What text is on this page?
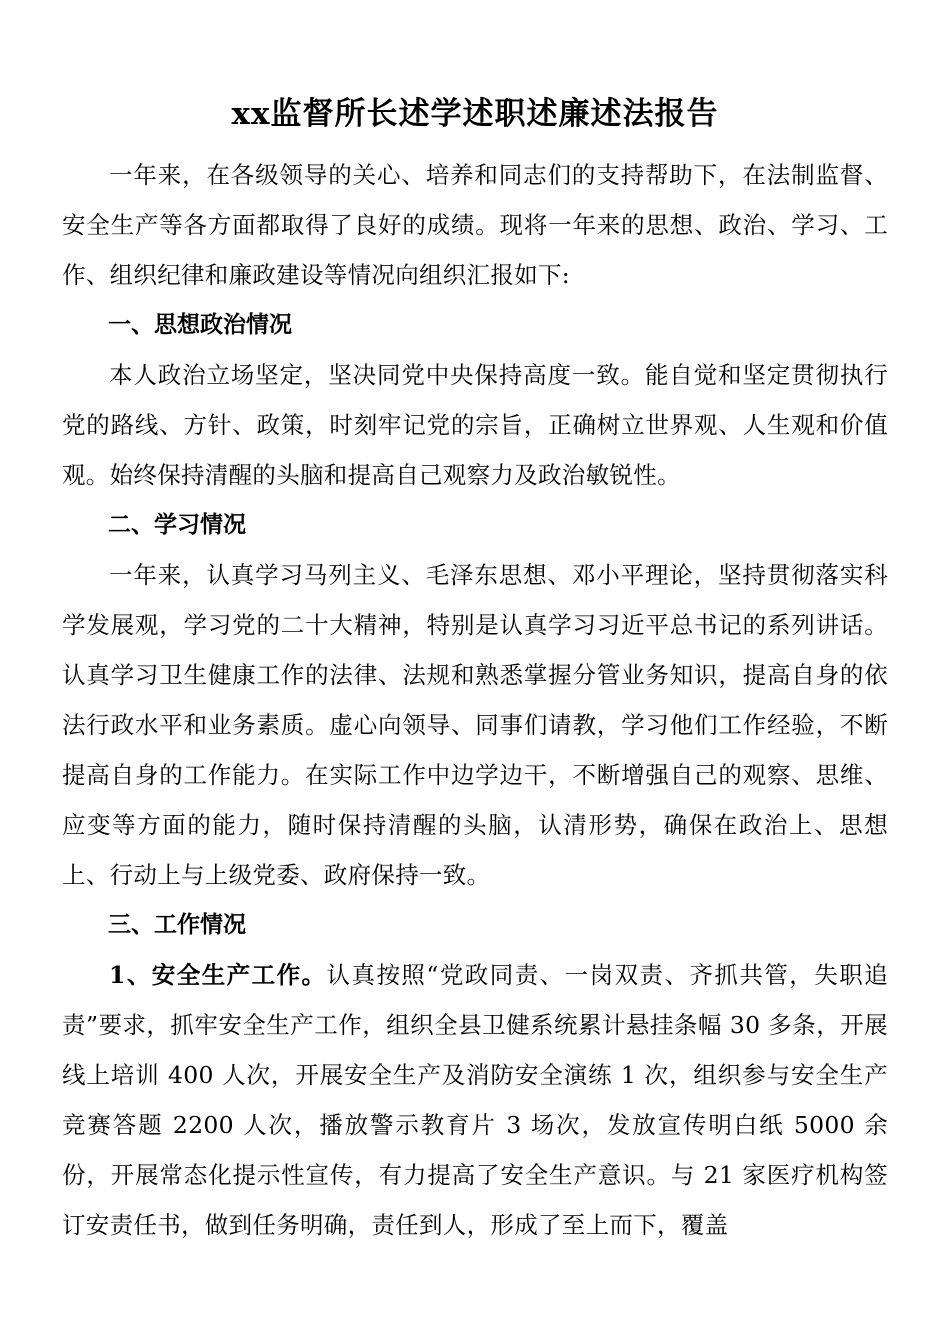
xx监督所长述学述职述廉述法报告

一年来，在各级领导的关心、培养和同志们的支持帮助下，在法制监督、安全生产等各方面都取得了良好的成绩。现将一年来的思想、政治、学习、工作、组织纪律和廉政建设等情况向组织汇报如下:

一、思想政治情况

本人政治立场坚定，坚决同党中央保持高度一致。能自觉和坚定贯彻执行党的路线、方针、政策，时刻牢记党的宗旨，正确树立世界观、人生观和价值观。始终保持清醒的头脑和提高自己观察力及政治敏锐性。

二、学习情况

一年来，认真学习马列主义、毛泽东思想、邓小平理论，坚持贯彻落实科学发展观，学习党的二十大精神，特别是认真学习习近平总书记的系列讲话。认真学习卫生健康工作的法律、法规和熟悉掌握分管业务知识，提高自身的依法行政水平和业务素质。虚心向领导、同事们请教，学习他们工作经验，不断提高自身的工作能力。在实际工作中边学边干，不断增强自己的观察、思维、应变等方面的能力，随时保持清醒的头脑，认清形势，确保在政治上、思想上、行动上与上级党委、政府保持一致。

三、工作情况

1、安全生产工作。认真按照“党政同责、一岗双责、齐抓共管，失职追责”要求，抓牢安全生产工作，组织全县卫健系统累计悬挂条幅 30 多条，开展线上培训 400 人次，开展安全生产及消防安全演练 1 次，组织参与安全生产竞赛答题 2200 人次，播放警示教育片 3 场次，发放宣传明白纸 5000 余份，开展常态化提示性宣传，有力提高了安全生产意识。与 21 家医疗机构签订安责任书，做到任务明确，责任到人，形成了至上而下，覆盖
